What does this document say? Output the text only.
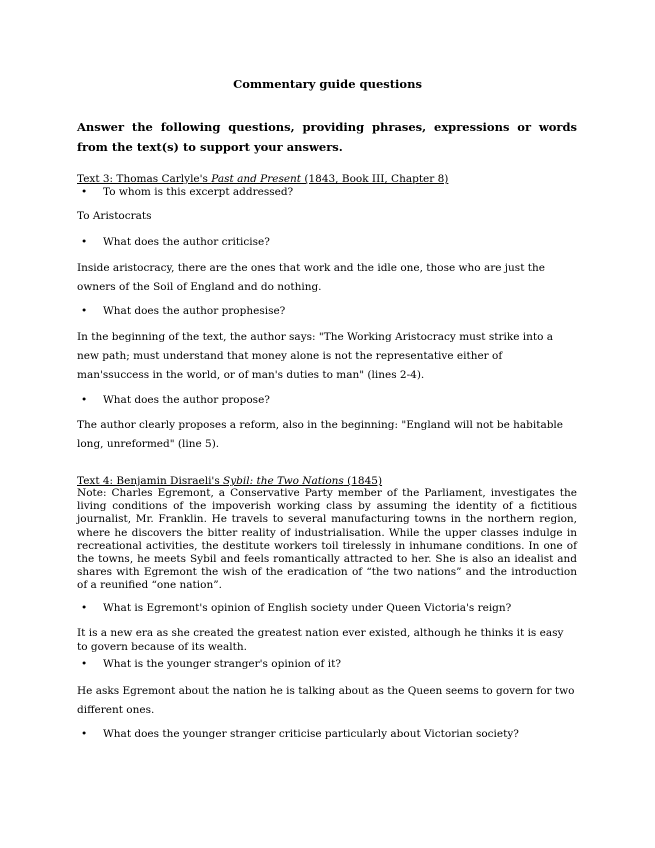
Commentary guide questions
Answer the following questions, providing phrases, expressions or words from the text(s) to support your answers.
Text 3: Thomas Carlyle's Past and Present (1843, Book III, Chapter 8)
• To whom is this excerpt addressed?
To Aristocrats
• What does the author criticise?
Inside aristocracy, there are the ones that work and the idle one, those who are just the owners of the Soil of England and do nothing.
• What does the author prophesise?
In the beginning of the text, the author says: "The Working Aristocracy must strike into a new path; must understand that money alone is not the representative either of man'ssuccess in the world, or of man's duties to man" (lines 2-4).
• What does the author propose?
The author clearly proposes a reform, also in the beginning: "England will not be habitable long, unreformed" (line 5).
Text 4: Benjamin Disraeli's Sybil: the Two Nations (1845)
Note: Charles Egremont, a Conservative Party member of the Parliament, investigates the living conditions of the impoverish working class by assuming the identity of a fictitious journalist, Mr. Franklin. He travels to several manufacturing towns in the northern region, where he discovers the bitter reality of industrialisation. While the upper classes indulge in recreational activities, the destitute workers toil tirelessly in inhumane conditions. In one of the towns, he meets Sybil and feels romantically attracted to her. She is also an idealist and shares with Egremont the wish of the eradication of “the two nations” and the introduction of a reunified “one nation”.
• What is Egremont's opinion of English society under Queen Victoria's reign?
It is a new era as she created the greatest nation ever existed, although he thinks it is easy to govern because of its wealth.
• What is the younger stranger's opinion of it?
He asks Egremont about the nation he is talking about as the Queen seems to govern for two different ones.
• What does the younger stranger criticise particularly about Victorian society?
